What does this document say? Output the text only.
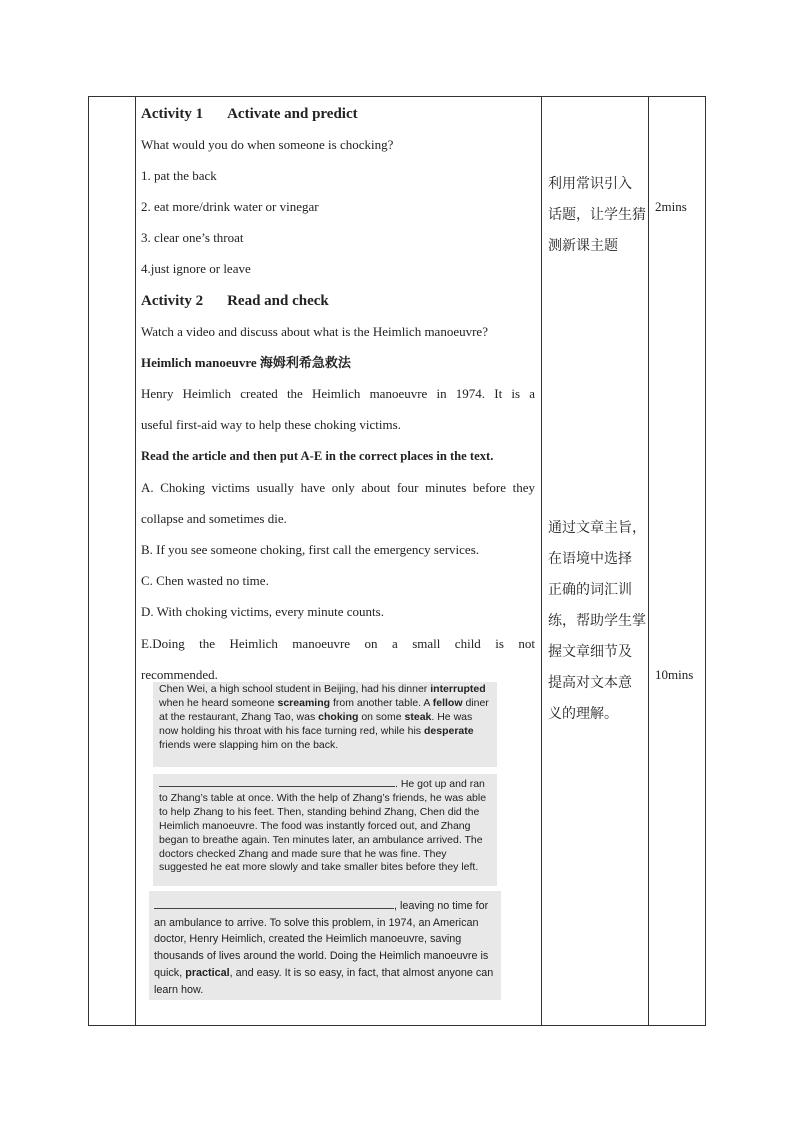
Activity 1 Activate and predict
What would you do when someone is chocking?
1. pat the back
2. eat more/drink water or vinegar
3. clear one’s throat
4.just ignore or leave
Activity 2 Read and check
Watch a video and discuss about what is the Heimlich manoeuvre?
Heimlich manoeuvre 海姆利希急救法
Henry Heimlich created the Heimlich manoeuvre in 1974. It is a
useful first-aid way to help these choking victims.
Read the article and then put A-E in the correct places in the text.
A. Choking victims usually have only about four minutes before they
collapse and sometimes die.
B. If you see someone choking, first call the emergency services.
C. Chen wasted no time.
D. With choking victims, every minute counts.
E.Doing the Heimlich manoeuvre on a small child is not
recommended.
利用常识引入
话题，让学生猜
测新课主题
通过文章主旨，
在语境中选择
正确的词汇训
练，帮助学生掌
握文章细节及
提高对文本意
义的理解。
2mins
10mins

Chen Wei, a high school student in Beijing, had his dinner interrupted when he heard someone screaming from another table. A fellow diner at the restaurant, Zhang Tao, was choking on some steak. He was now holding his throat with his face turning red, while his desperate friends were slapping him on the back.

. He got up and ran to Zhang’s table at once. With the help of Zhang’s friends, he was able to help Zhang to his feet. Then, standing behind Zhang, Chen did the Heimlich manoeuvre. The food was instantly forced out, and Zhang began to breathe again. Ten minutes later, an ambulance arrived. The doctors checked Zhang and made sure that he was fine. They suggested he eat more slowly and take smaller bites before they left.

, leaving no time for an ambulance to arrive. To solve this problem, in 1974, an American doctor, Henry Heimlich, created the Heimlich manoeuvre, saving thousands of lives around the world. Doing the Heimlich manoeuvre is quick, practical, and easy. It is so easy, in fact, that almost anyone can learn how.
